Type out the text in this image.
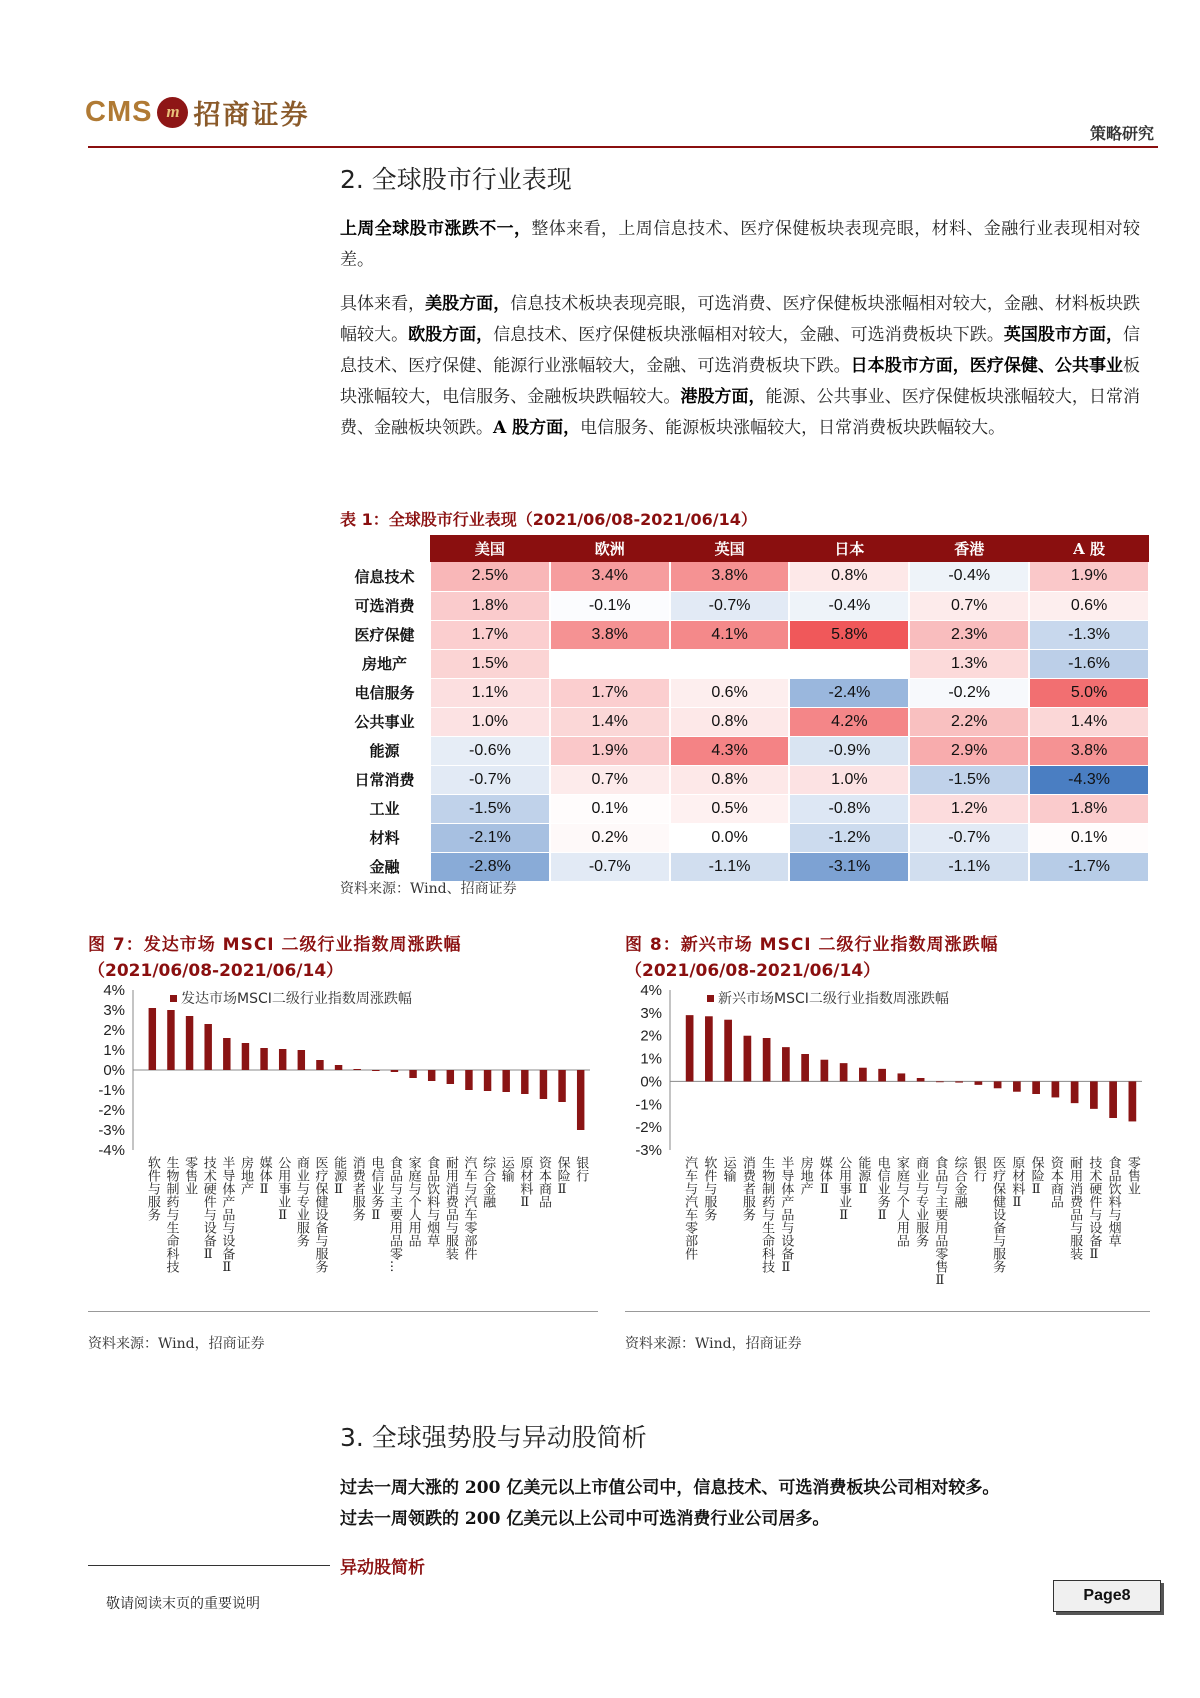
CMS m 招商证券
策略研究
2. 全球股市行业表现
上周全球股市涨跌不一，整体来看，上周信息技术、医疗保健板块表现亮眼，材料、金融行业表现相对较差。
具体来看，美股方面，信息技术板块表现亮眼，可选消费、医疗保健板块涨幅相对较大，金融、材料板块跌幅较大。欧股方面，信息技术、医疗保健板块涨幅相对较大，金融、可选消费板块下跌。英国股市方面，信息技术、医疗保健、能源行业涨幅较大，金融、可选消费板块下跌。日本股市方面，医疗保健、公共事业板块涨幅较大，电信服务、金融板块跌幅较大。港股方面，能源、公共事业、医疗保健板块涨幅较大，日常消费、金融板块领跌。A 股方面，电信服务、能源板块涨幅较大，日常消费板块跌幅较大。
表 1：全球股市行业表现（2021/06/08-2021/06/14）
	美国	欧洲	英国	日本	香港	A 股
信息技术	2.5%	3.4%	3.8%	0.8%	-0.4%	1.9%
可选消费	1.8%	-0.1%	-0.7%	-0.4%	0.7%	0.6%
医疗保健	1.7%	3.8%	4.1%	5.8%	2.3%	-1.3%
房地产	1.5%				1.3%	-1.6%
电信服务	1.1%	1.7%	0.6%	-2.4%	-0.2%	5.0%
公共事业	1.0%	1.4%	0.8%	4.2%	2.2%	1.4%
能源	-0.6%	1.9%	4.3%	-0.9%	2.9%	3.8%
日常消费	-0.7%	0.7%	0.8%	1.0%	-1.5%	-4.3%
工业	-1.5%	0.1%	0.5%	-0.8%	1.2%	1.8%
材料	-2.1%	0.2%	0.0%	-1.2%	-0.7%	0.1%
金融	-2.8%	-0.7%	-1.1%	-3.1%	-1.1%	-1.7%
资料来源：Wind、招商证券
图 7：发达市场 MSCI 二级行业指数周涨跌幅
（2021/06/08-2021/06/14）
4%
3%
2%
1%
0%
-1%
-2%
-3%
-4%
发达市场MSCI二级行业指数周涨跌幅
软件与服务 生物制药与生命科技 零售业 技术硬件与设备Ⅱ 半导体产品与设备Ⅱ 房地产 媒体Ⅱ 公用事业Ⅱ 商业与专业服务 医疗保健设备与服务 能源Ⅱ 消费者服务 电信业务Ⅱ 食品与主要用品零... 家庭与个人用品 食品饮料与烟草 耐用消费品与服装 汽车与汽车零部件 综合金融 运输 原材料Ⅱ 资本商品 保险Ⅱ 银行
资料来源：Wind，招商证券
图 8：新兴市场 MSCI 二级行业指数周涨跌幅
（2021/06/08-2021/06/14）
4%
3%
2%
1%
0%
-1%
-2%
-3%
新兴市场MSCI二级行业指数周涨跌幅
汽车与汽车零部件 软件与服务 运输 消费者服务 生物制药与生命科技 半导体产品与设备Ⅱ 房地产 媒体Ⅱ 公用事业Ⅱ 能源Ⅱ 电信业务Ⅱ 家庭与个人用品 商业与专业服务 食品与主要用品零售Ⅱ 综合金融 银行 医疗保健设备与服务 原材料Ⅱ 保险Ⅱ 资本商品 耐用消费品与服装 技术硬件与设备Ⅱ 食品饮料与烟草 零售业
资料来源：Wind，招商证券
3. 全球强势股与异动股简析
过去一周大涨的 200 亿美元以上市值公司中，信息技术、可选消费板块公司相对较多。
过去一周领跌的 200 亿美元以上公司中可选消费行业公司居多。
异动股简析
敬请阅读末页的重要说明	Page8
